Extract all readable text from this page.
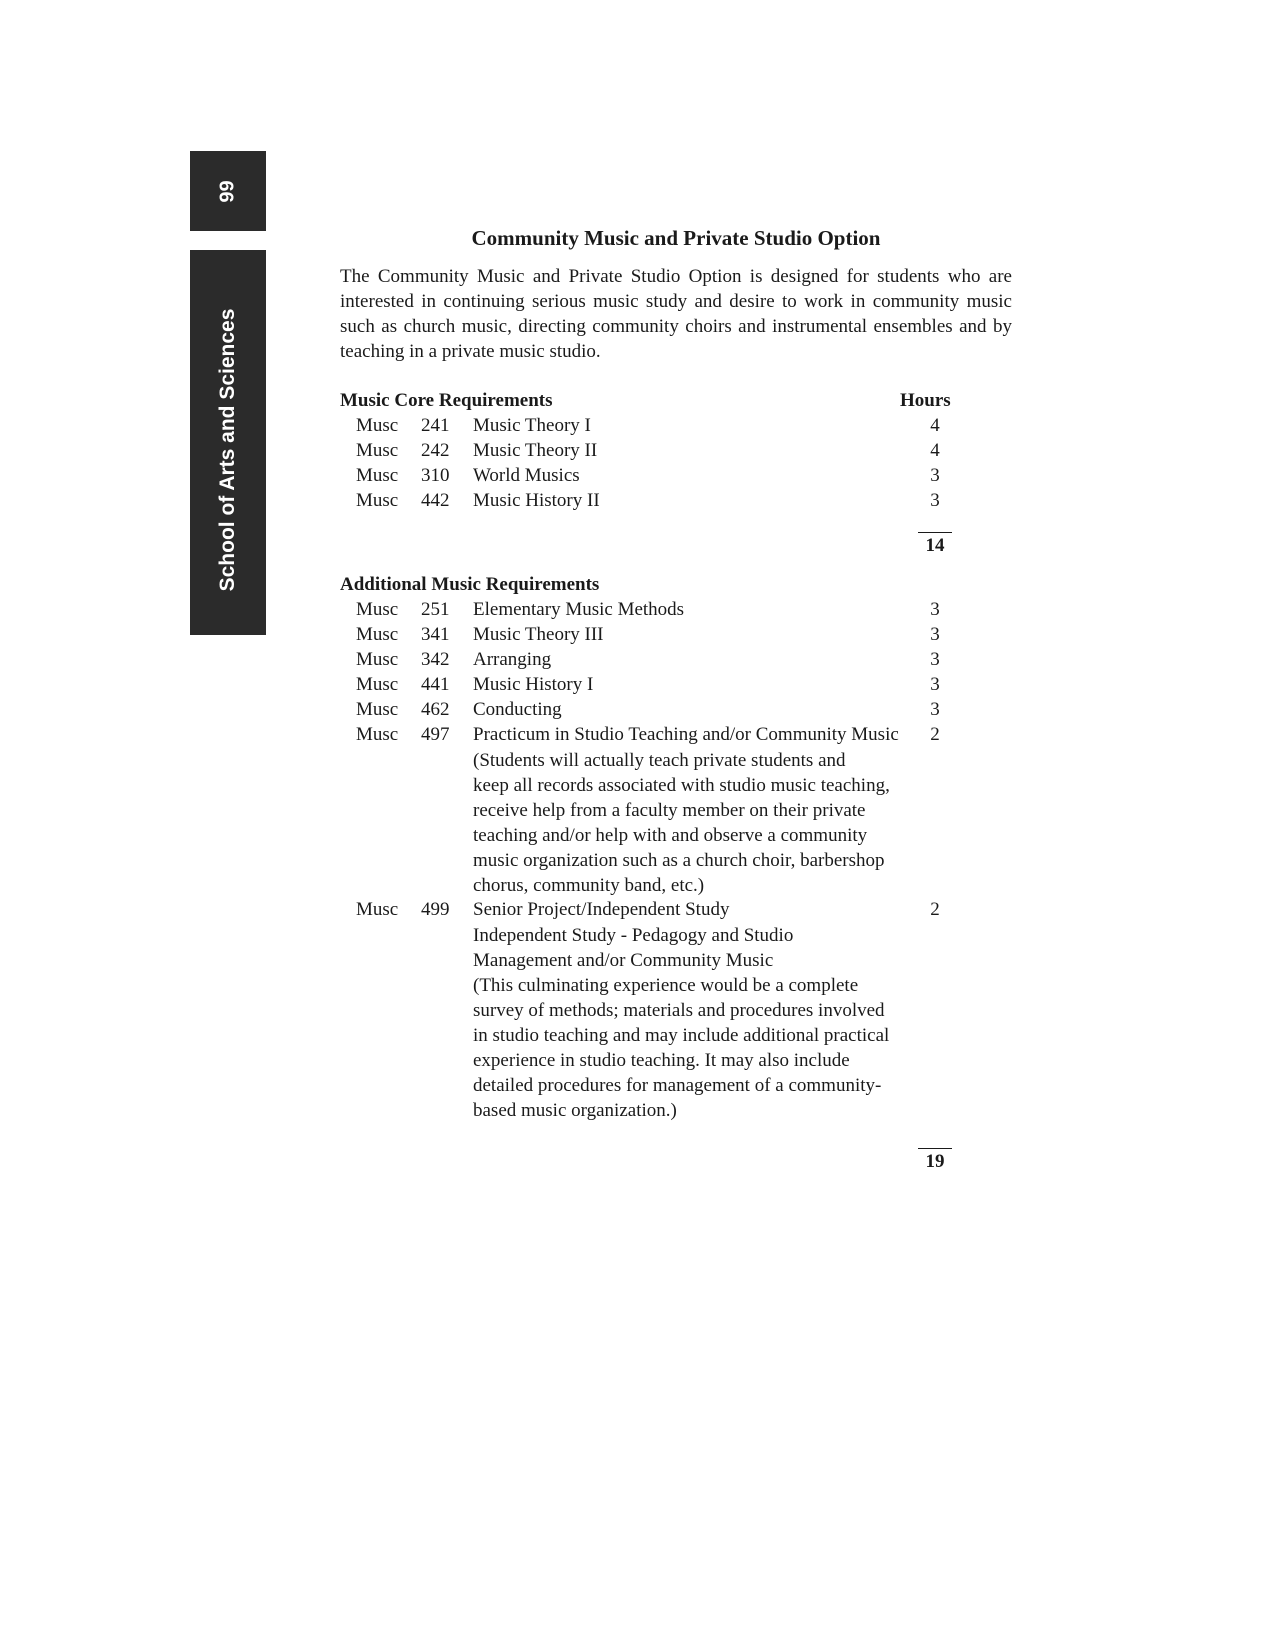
99
School of Arts and Sciences
Community Music and Private Studio Option
The Community Music and Private Studio Option is designed for students who are interested in continuing serious music study and desire to work in community music such as church music, directing community choirs and instrumental ensembles and by teaching in a private music studio.
Music Core Requirements	Hours
Musc 241 Music Theory I	4
Musc 242 Music Theory II	4
Musc 310 World Musics	3
Musc 442 Music History II	3
14
Additional Music Requirements
Musc 251 Elementary Music Methods	3
Musc 341 Music Theory III	3
Musc 342 Arranging	3
Musc 441 Music History I	3
Musc 462 Conducting	3
Musc 497 Practicum in Studio Teaching and/or Community Music	2
(Students will actually teach private students and
keep all records associated with studio music teaching,
receive help from a faculty member on their private
teaching and/or help with and observe a community
music organization such as a church choir, barbershop
chorus, community band, etc.)
Musc 499 Senior Project/Independent Study	2
Independent Study - Pedagogy and Studio
Management and/or Community Music
(This culminating experience would be a complete
survey of methods; materials and procedures involved
in studio teaching and may include additional practical
experience in studio teaching. It may also include
detailed procedures for management of a community-
based music organization.)
19
